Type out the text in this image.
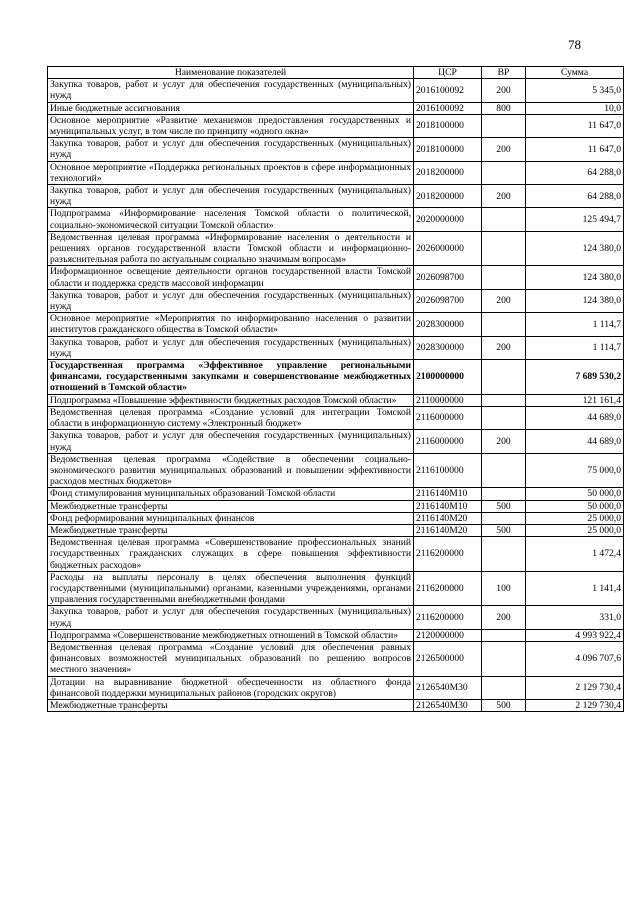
78
Наименование показателей	ЦСР	ВР	Сумма
Закупка товаров, работ и услуг для обеспечения государственных (муниципальных) нужд	2016100092	200	5 345,0
Иные бюджетные ассигнования	2016100092	800	10,0
Основное мероприятие «Развитие механизмов предоставления государственных и муниципальных услуг, в том числе по принципу «одного окна»	2018100000		11 647,0
Закупка товаров, работ и услуг для обеспечения государственных (муниципальных) нужд	2018100000	200	11 647,0
Основное мероприятие «Поддержка региональных проектов в сфере информационных технологий»	2018200000		64 288,0
Закупка товаров, работ и услуг для обеспечения государственных (муниципальных) нужд	2018200000	200	64 288,0
Подпрограмма «Информирование населения Томской области о политической, социально-экономической ситуации Томской области»	2020000000		125 494,7
Ведомственная целевая программа «Информирование населения о деятельности и решениях органов государственной власти Томской области и информационно-разъяснительная работа по актуальным социально значимым вопросам»	2026000000		124 380,0
Информационное освещение деятельности органов государственной власти Томской области и поддержка средств массовой информации	2026098700		124 380,0
Закупка товаров, работ и услуг для обеспечения государственных (муниципальных) нужд	2026098700	200	124 380,0
Основное мероприятие «Мероприятия по информированию населения о развитии институтов гражданского общества в Томской области»	2028300000		1 114,7
Закупка товаров, работ и услуг для обеспечения государственных (муниципальных) нужд	2028300000	200	1 114,7
Государственная программа «Эффективное управление региональными финансами, государственными закупками и совершенствование межбюджетных отношений в Томской области»	2100000000		7 689 530,2
Подпрограмма «Повышение эффективности бюджетных расходов Томской области»	2110000000		121 161,4
Ведомственная целевая программа «Создание условий для интеграции Томской области в информационную систему «Электронный бюджет»	2116000000		44 689,0
Закупка товаров, работ и услуг для обеспечения государственных (муниципальных) нужд	2116000000	200	44 689,0
Ведомственная целевая программа «Содействие в обеспечении социально-экономического развития муниципальных образований и повышении эффективности расходов местных бюджетов»	2116100000		75 000,0
Фонд стимулирования муниципальных образований Томской области	2116140М10		50 000,0
Межбюджетные трансферты	2116140М10	500	50 000,0
Фонд реформирования муниципальных финансов	2116140М20		25 000,0
Межбюджетные трансферты	2116140М20	500	25 000,0
Ведомственная целевая программа «Совершенствование профессиональных знаний государственных гражданских служащих в сфере повышения эффективности бюджетных расходов»	2116200000		1 472,4
Расходы на выплаты персоналу в целях обеспечения выполнения функций государственными (муниципальными) органами, казенными учреждениями, органами управления государственными внебюджетными фондами	2116200000	100	1 141,4
Закупка товаров, работ и услуг для обеспечения государственных (муниципальных) нужд	2116200000	200	331,0
Подпрограмма «Совершенствование межбюджетных отношений в Томской области»	2120000000		4 993 922,4
Ведомственная целевая программа «Создание условий для обеспечения равных финансовых возможностей муниципальных образований по решению вопросов местного значения»	2126500000		4 096 707,6
Дотации на выравнивание бюджетной обеспеченности из областного фонда финансовой поддержки муниципальных районов (городских округов)	2126540М30		2 129 730,4
Межбюджетные трансферты	2126540М30	500	2 129 730,4
